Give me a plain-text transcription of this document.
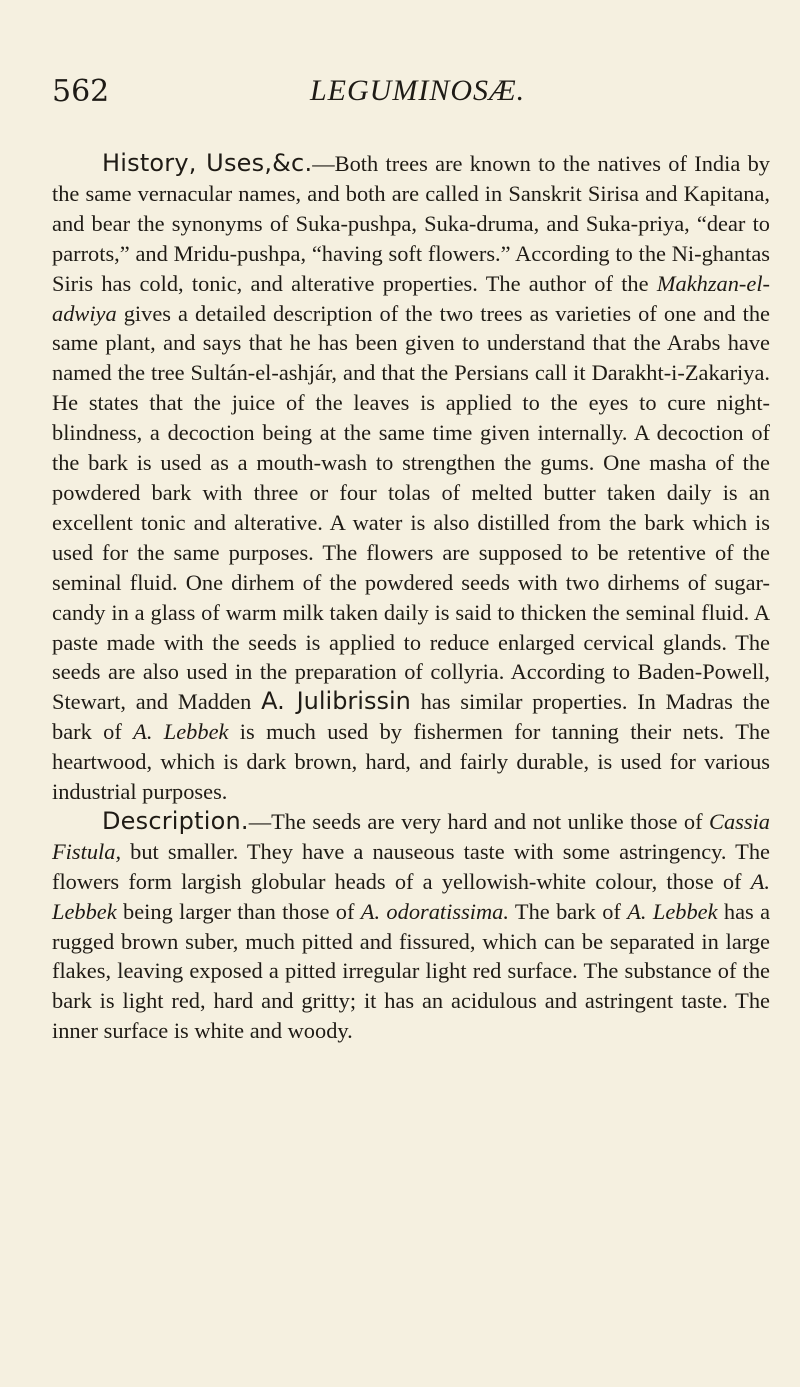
562	LEGUMINOSÆ.

History, Uses,&c.—Both trees are known to the natives of India by the same vernacular names, and both are called in Sanskrit Sirisa and Kapitana, and bear the synonyms of Suka-pushpa, Suka-druma, and Suka-priya, “dear to parrots,” and Mridu-pushpa, “having soft flowers.” According to the Ni-ghantas Siris has cold, tonic, and alterative properties. The author of the Makhzan-el-adwiya gives a detailed description of the two trees as varieties of one and the same plant, and says that he has been given to understand that the Arabs have named the tree Sultán-el-ashjár, and that the Persians call it Darakht-i-Zakariya. He states that the juice of the leaves is applied to the eyes to cure night-blindness, a decoction being at the same time given internally. A decoction of the bark is used as a mouth-wash to strengthen the gums. One masha of the powdered bark with three or four tolas of melted butter taken daily is an excellent tonic and alterative. A water is also distilled from the bark which is used for the same purposes. The flowers are supposed to be retentive of the seminal fluid. One dirhem of the powdered seeds with two dirhems of sugar-candy in a glass of warm milk taken daily is said to thicken the seminal fluid. A paste made with the seeds is applied to reduce enlarged cervical glands. The seeds are also used in the preparation of collyria. According to Baden-Powell, Stewart, and Madden A. Julibrissin has similar properties. In Madras the bark of A. Lebbek is much used by fishermen for tanning their nets. The heartwood, which is dark brown, hard, and fairly durable, is used for various industrial purposes.

Description.—The seeds are very hard and not unlike those of Cassia Fistula, but smaller. They have a nauseous taste with some astringency. The flowers form largish globular heads of a yellowish-white colour, those of A. Lebbek being larger than those of A. odoratissima. The bark of A. Lebbek has a rugged brown suber, much pitted and fissured, which can be separated in large flakes, leaving exposed a pitted irregular light red surface. The substance of the bark is light red, hard and gritty; it has an acidulous and astringent taste. The inner surface is white and woody.
